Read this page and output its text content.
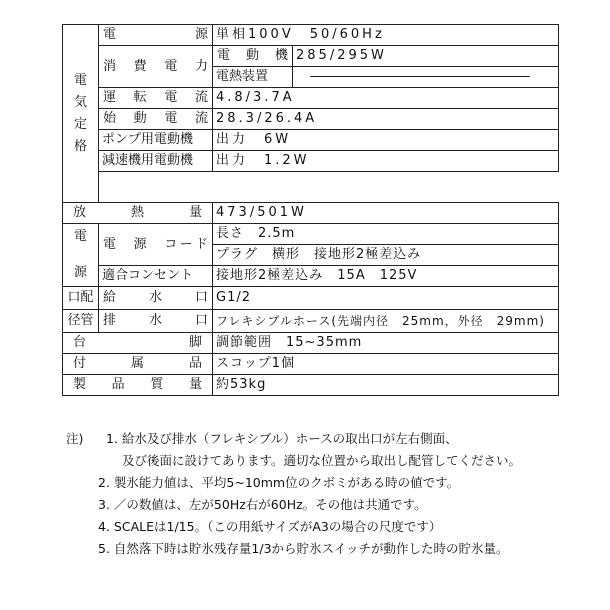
電
気
定
格	電　　　　源	単相100V　50/60Hz	
	消　費　電　力	電　動　機	285/295W
		電熱装置	
	運　転　電　流	4.8/3.7A	
	始　動　電　流	28.3/26.4A	
	ポンプ用電動機	出力　6W	
	減速機用電動機	出力　1.2W	

放　　熱　　量		473/501W	

電
源	電　源　コード	長さ　2.5m	
		プラグ　横形　接地形2極差込み	
	適合コンセント	接地形2極差込み　15A　125V	
口配	給　　水　　口	G1/2	
径管	排　　水　　口	フレキシブルホース(先端内径　25mm，外径　29mm)	
台　　　　脚		調節範囲　15~35mm	
付　　属　　品		スコップ1個	
製　品　質　量		約53kg	
注) 1. 給水及び排水（フレキシブル）ホースの取出口が左右側面、
及び後面に設けてあります。適切な位置から取出し配管してください。
2. 製氷能力値は、平均5~10mm位のクボミがある時の値です。
3. ／の数値は、左が50Hz右が60Hz。その他は共通です。
4. SCALEは1/15。（この用紙サイズがA3の場合の尺度です）
5. 自然落下時は貯氷残存量1/3から貯氷スイッチが動作した時の貯氷量。
